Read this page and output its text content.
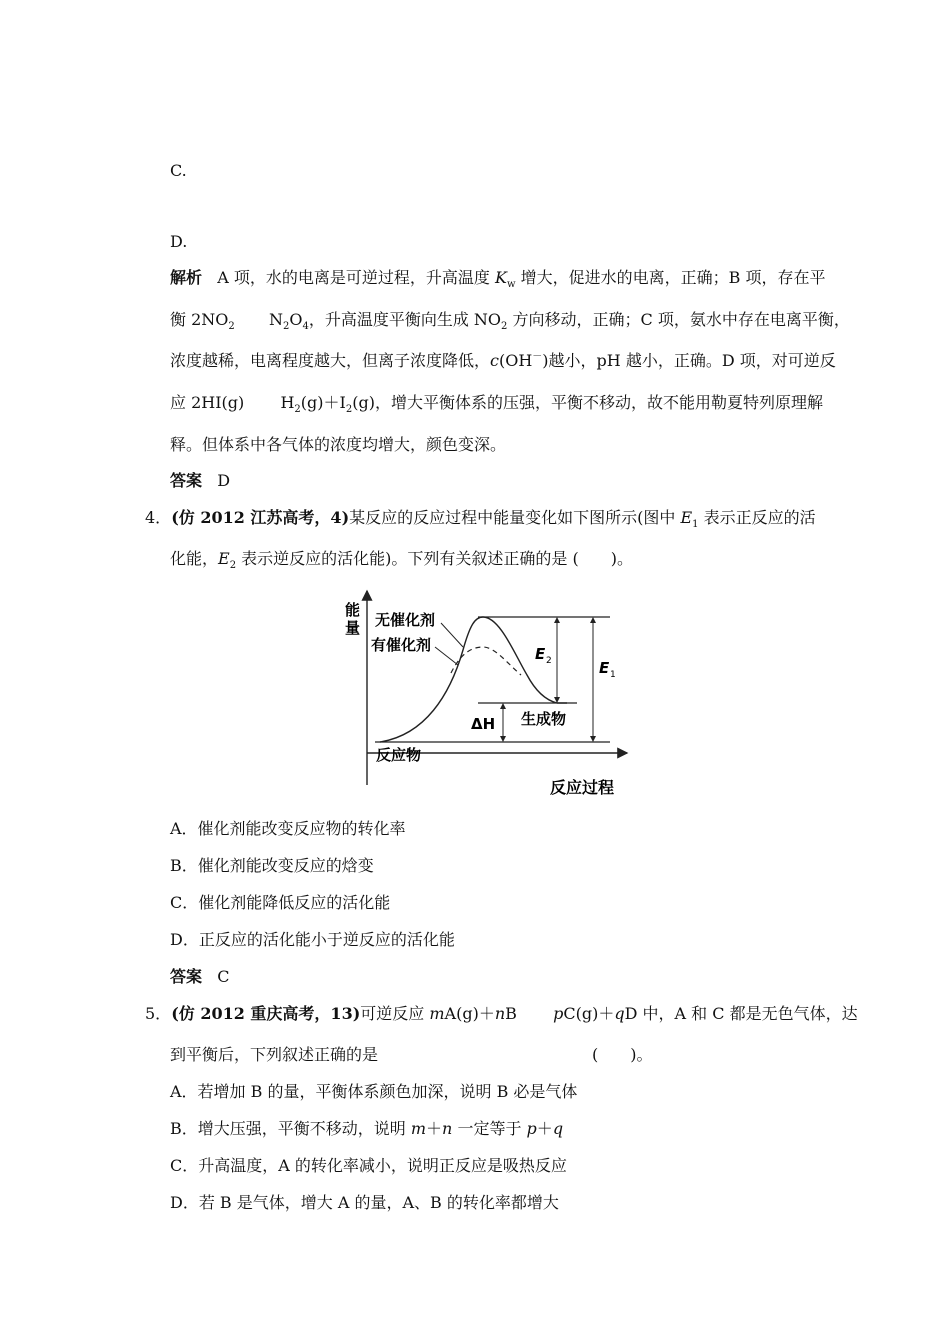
C.
D.
解析 A 项，水的电离是可逆过程，升高温度 $K_w$ 增大，促进水的电离，正确；B 项，存在平
衡 $2NO_2$ $N_2O_4$，升高温度平衡向生成 $NO_2$ 方向移动，正确；C 项，氨水中存在电离平衡，
浓度越稀，电离程度越大，但离子浓度降低，c(OH－)越小，pH 越小，正确。D 项，对可逆反
应 2HI(g) $H_2(g)+I_2(g)$，增大平衡体系的压强，平衡不移动，故不能用勒夏特列原理解
释。但体系中各气体的浓度均增大，颜色变深。
答案 D
4．(仿 2012 江苏高考，4)某反应的反应过程中能量变化如下图所示(图中 $E_1$ 表示正反应的活
化能，$E_2$ 表示逆反应的活化能)。下列有关叙述正确的是 (　　)。
能
量
反应过程
无催化剂
有催化剂	E 2	E 1
ΔH 生成物
反应物
A．催化剂能改变反应物的转化率
B．催化剂能改变反应的焓变
C．催化剂能降低反应的活化能
D．正反应的活化能小于逆反应的活化能
答案 C
5．(仿 2012 重庆高考，13)可逆反应 mA(g)＋nB pC(g)＋qD 中，A 和 C 都是无色气体，达
到平衡后，下列叙述正确的是	(　　)。
A．若增加 B 的量，平衡体系颜色加深，说明 B 必是气体
B．增大压强，平衡不移动，说明 m＋n 一定等于 p＋q
C．升高温度，A 的转化率减小，说明正反应是吸热反应
D．若 B 是气体，增大 A 的量，A、B 的转化率都增大
